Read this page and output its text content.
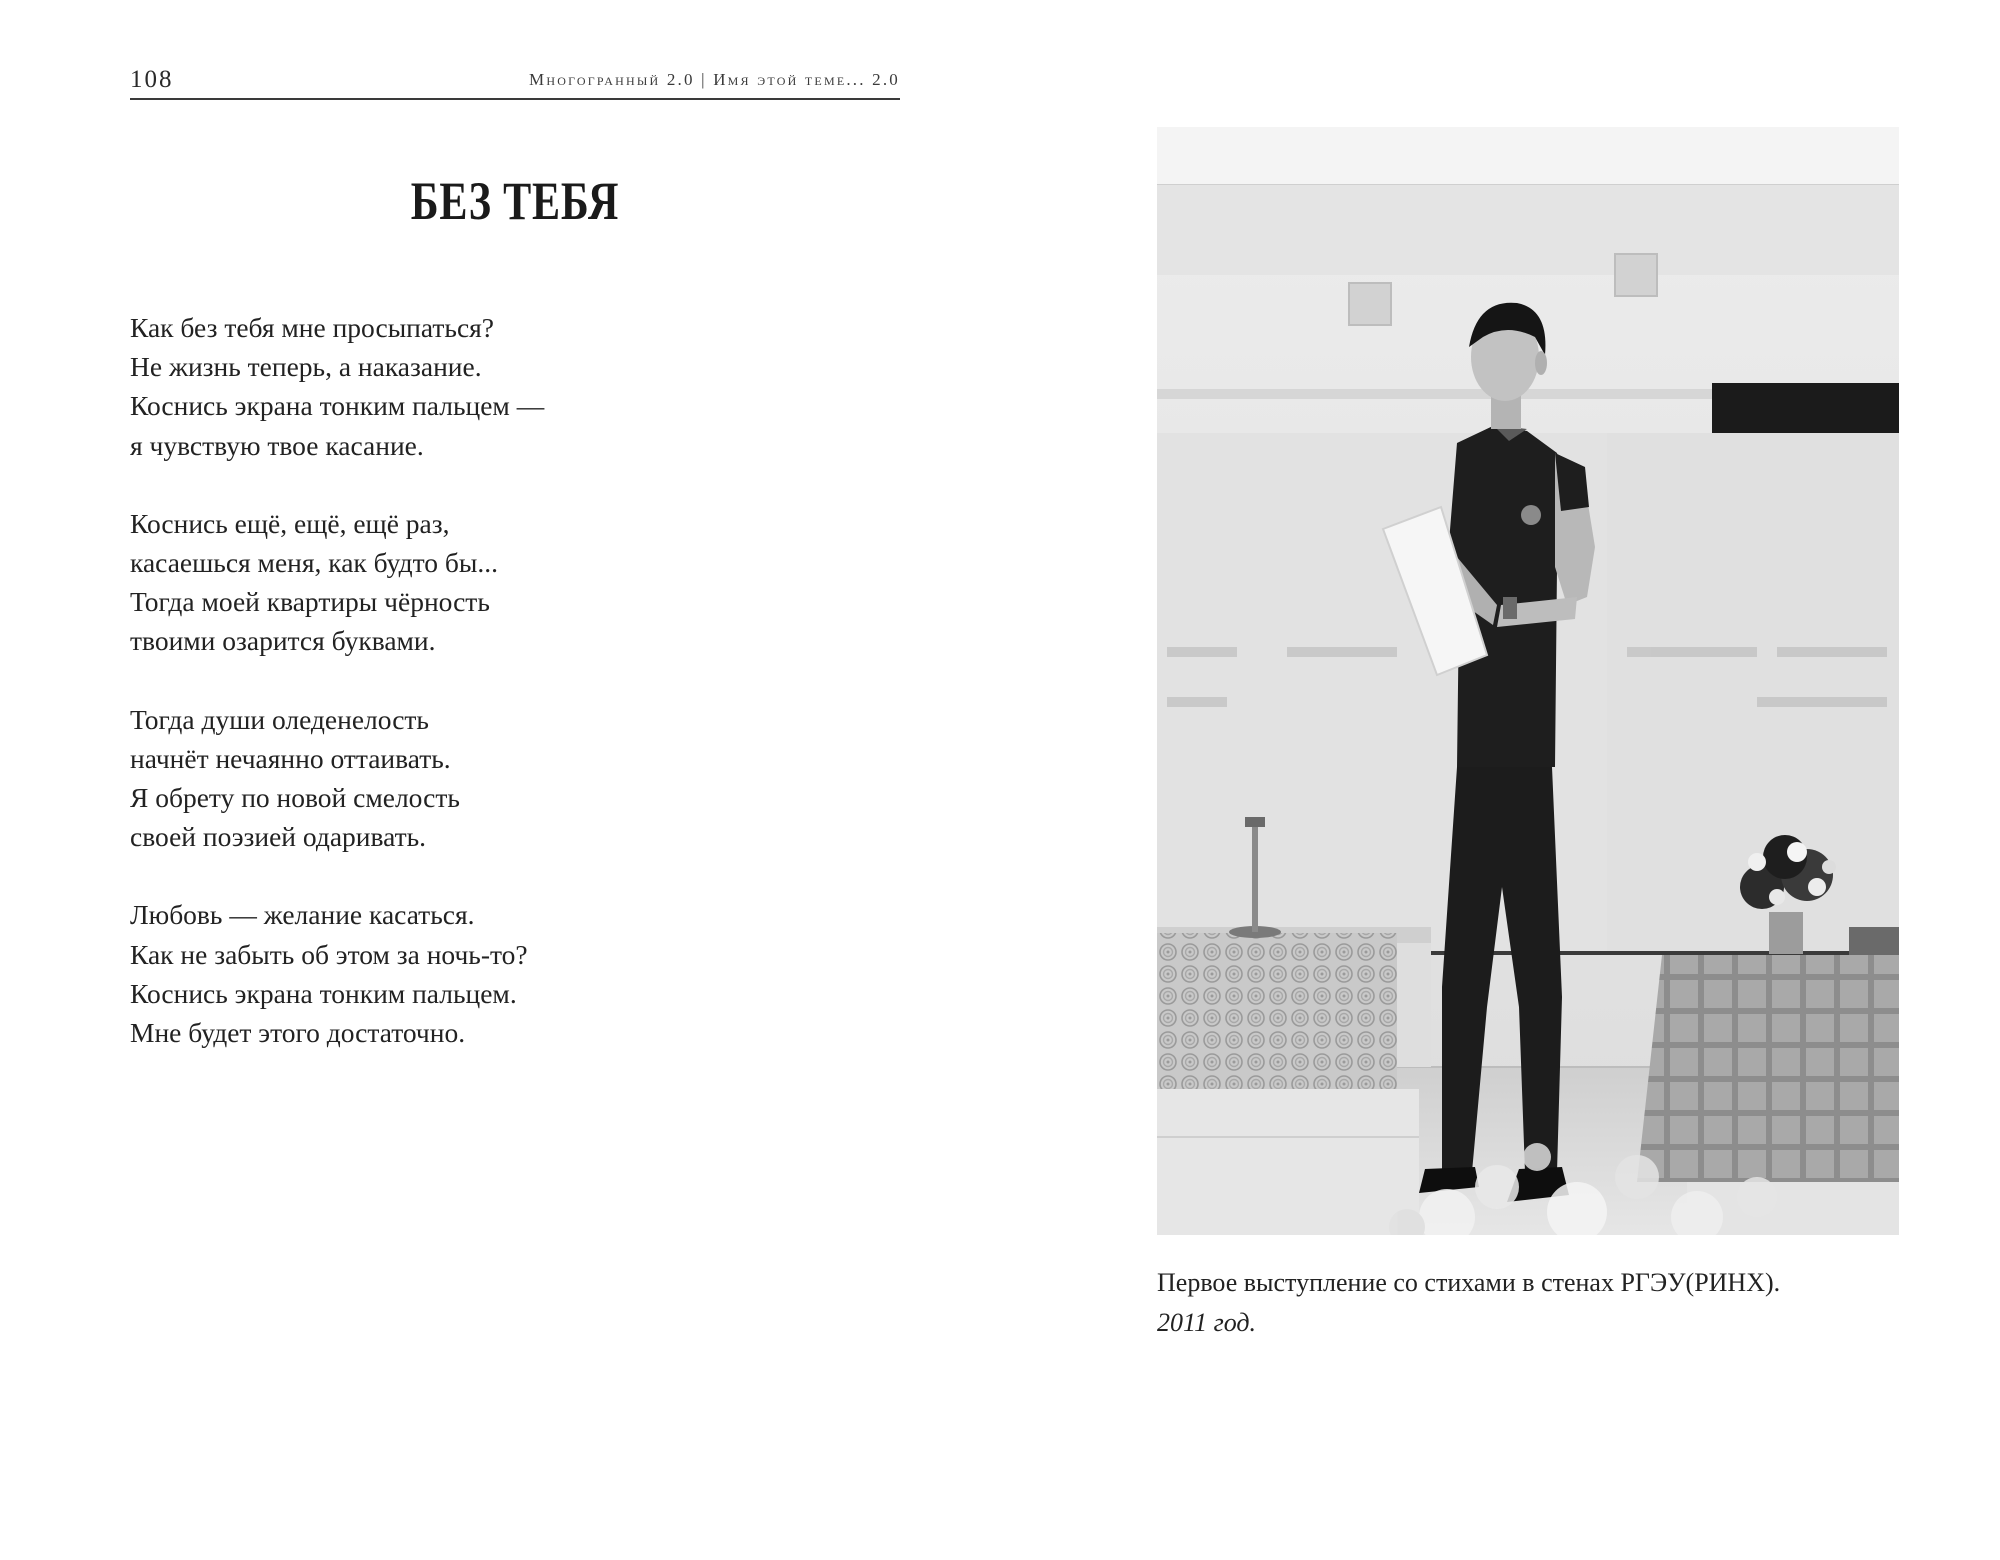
108	Многогранный 2.0 | Имя этой теме... 2.0
БЕЗ ТЕБЯ
Как без тебя мне просыпаться?
Не жизнь теперь, а наказание.
Коснись экрана тонким пальцем —
я чувствую твое касание.
Коснись ещё, ещё, ещё раз,
касаешься меня, как будто бы...
Тогда моей квартиры чёрность
твоими озарится буквами.
Тогда души оледенелость
начнёт нечаянно оттаивать.
Я обрету по новой смелость
своей поэзией одаривать.
Любовь — желание касаться.
Как не забыть об этом за ночь-то?
Коснись экрана тонким пальцем.
Мне будет этого достаточно.
Первое выступление со стихами в стенах РГЭУ(РИНХ).
2011 год.
